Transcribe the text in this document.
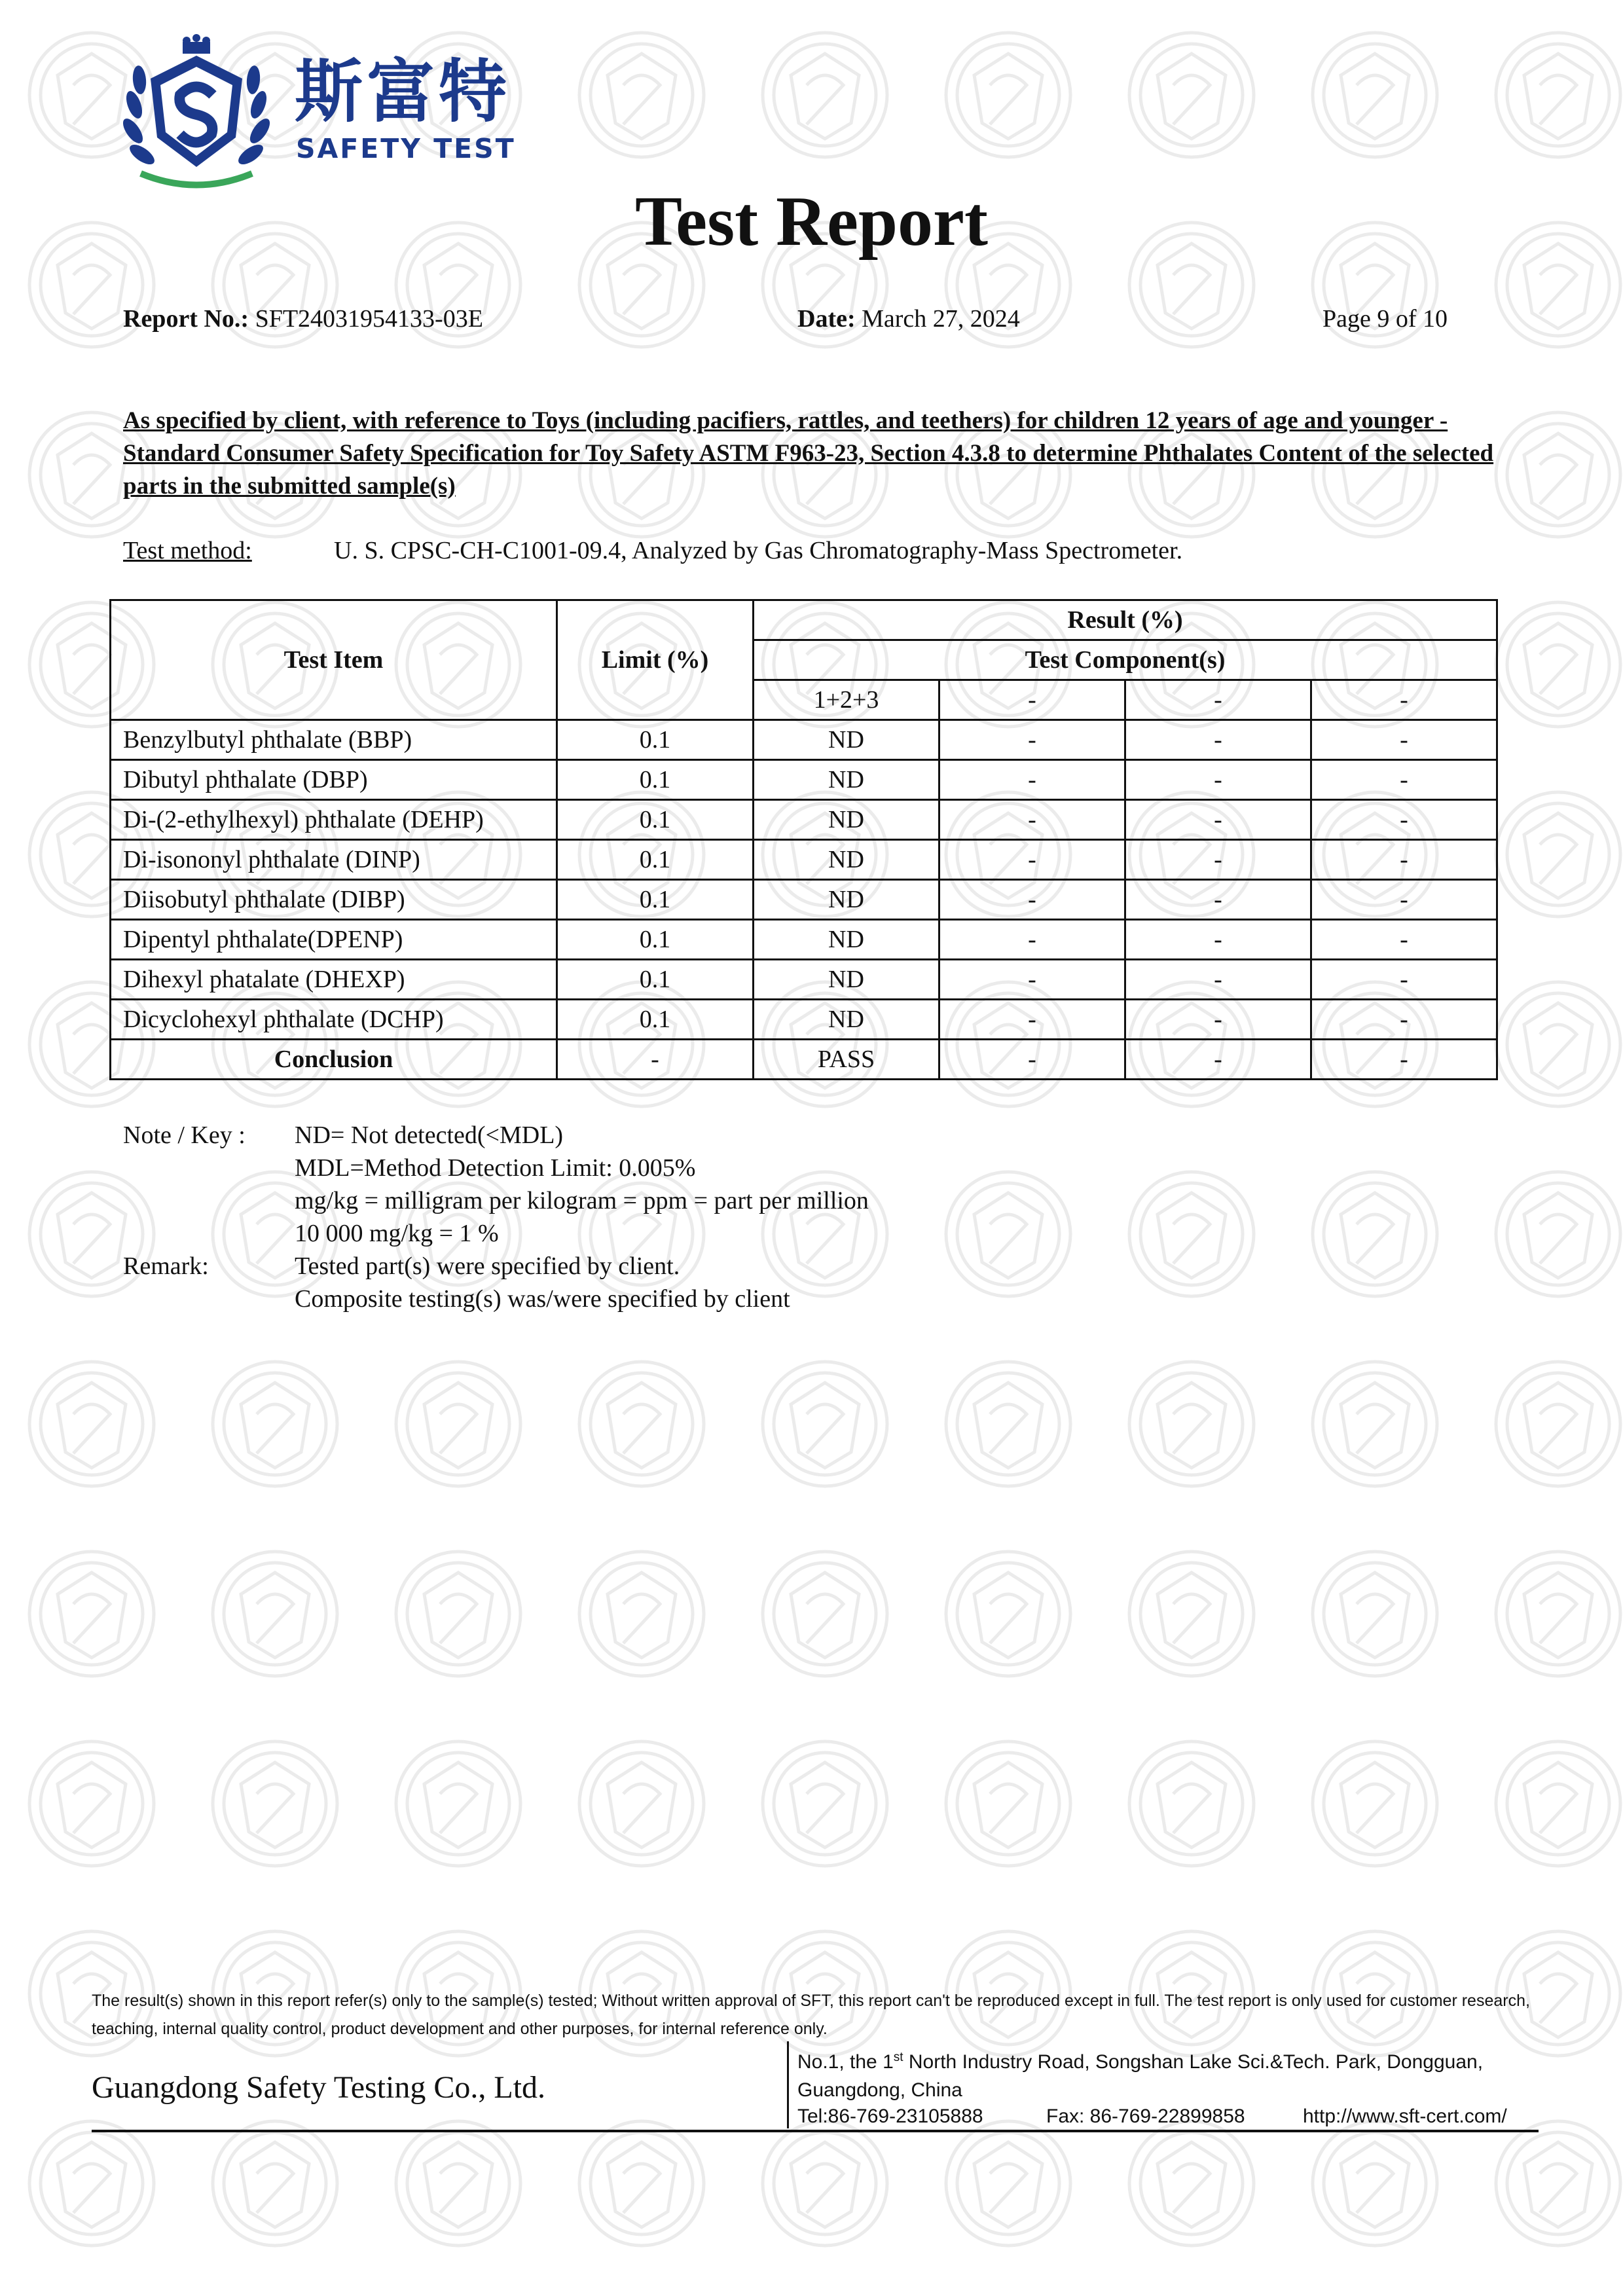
斯富特
SAFETY TEST
Test Report
Report No.: SFT24031954133-03E	Date: March 27, 2024	Page 9 of 10
As specified by client, with reference to Toys (including pacifiers, rattles, and teethers) for children 12 years of age and younger - Standard Consumer Safety Specification for Toy Safety ASTM F963-23, Section 4.3.8 to determine Phthalates Content of the selected parts in the submitted sample(s)
Test method:	U. S. CPSC-CH-C1001-09.4, Analyzed by Gas Chromatography-Mass Spectrometer.
Test Item	Limit (%)	Result (%)			
		Test Component(s)			
		1+2+3	-	-	-
Benzylbutyl phthalate (BBP)	0.1	ND	-	-	-
Dibutyl phthalate (DBP)	0.1	ND	-	-	-
Di-(2-ethylhexyl) phthalate (DEHP)	0.1	ND	-	-	-
Di-isononyl phthalate (DINP)	0.1	ND	-	-	-
Diisobutyl phthalate (DIBP)	0.1	ND	-	-	-
Dipentyl phthalate(DPENP)	0.1	ND	-	-	-
Dihexyl phatalate (DHEXP)	0.1	ND	-	-	-
Dicyclohexyl phthalate (DCHP)	0.1	ND	-	-	-
Conclusion	-	PASS	-	-	-
Note / Key : ND= Not detected(<MDL)
MDL=Method Detection Limit: 0.005%
mg/kg = milligram per kilogram = ppm = part per million
10 000 mg/kg = 1 %
Remark:	Tested part(s) were specified by client.
Composite testing(s) was/were specified by client
The result(s) shown in this report refer(s) only to the sample(s) tested; Without written approval of SFT, this report can't be reproduced except in full. The test report is only used for customer research, teaching, internal quality control, product development and other purposes, for internal reference only.
Guangdong Safety Testing Co., Ltd.
No.1, the 1st North Industry Road, Songshan Lake Sci.&Tech. Park, Dongguan,
Guangdong, China
Tel:86-769-23105888	Fax: 86-769-22899858	http://www.sft-cert.com/
